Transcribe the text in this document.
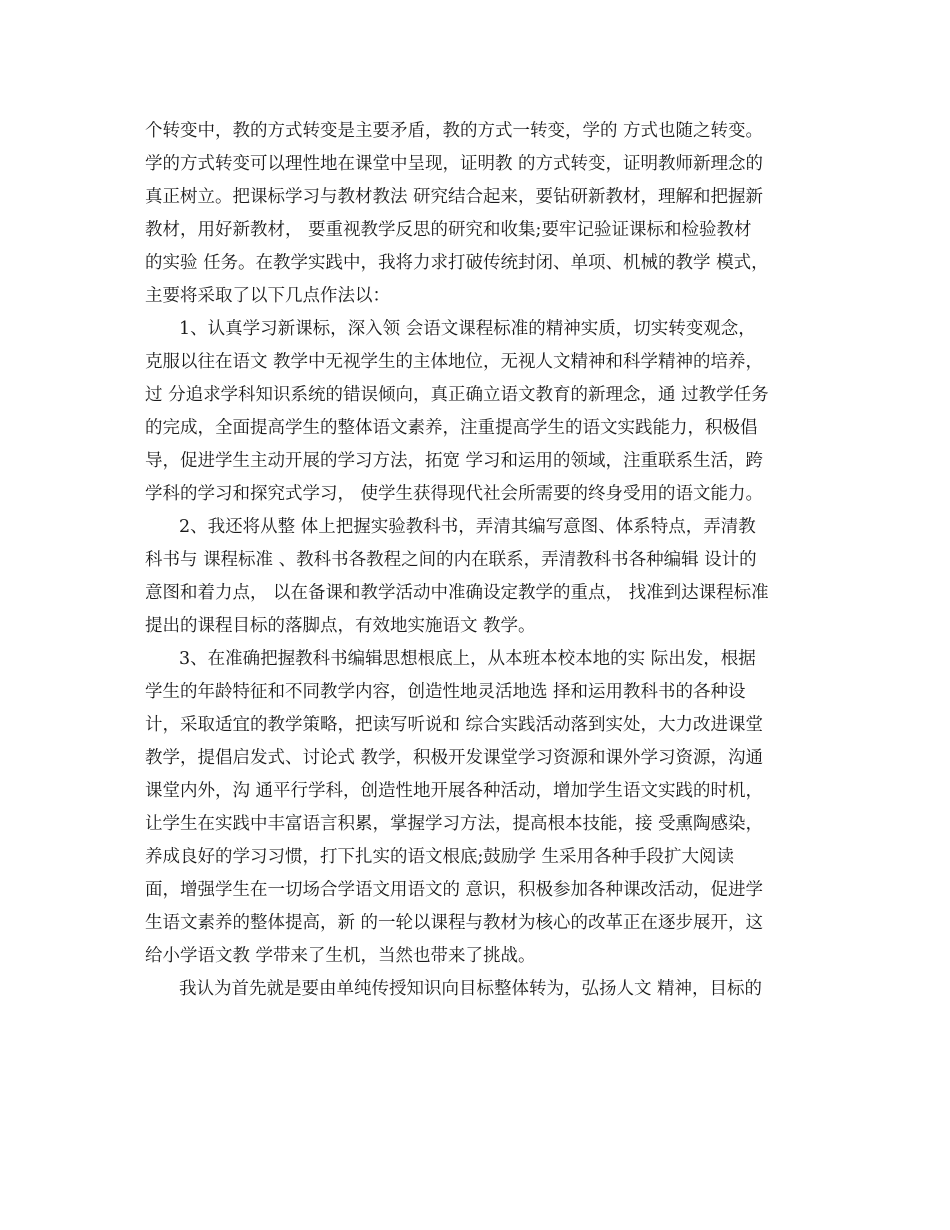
个转变中，教的方式转变是主要矛盾，教的方式一转变，学的 方式也随之转变。
学的方式转变可以理性地在课堂中呈现，证明教 的方式转变，证明教师新理念的
真正树立。把课标学习与教材教法 研究结合起来，要钻研新教材，理解和把握新
教材，用好新教材， 要重视教学反思的研究和收集;要牢记验证课标和检验教材
的实验 任务。在教学实践中，我将力求打破传统封闭、单项、机械的教学 模式，
主要将采取了以下几点作法以：
1、认真学习新课标，深入领 会语文课程标准的精神实质，切实转变观念，
克服以往在语文 教学中无视学生的主体地位，无视人文精神和科学精神的培养，
过 分追求学科知识系统的错误倾向，真正确立语文教育的新理念，通 过教学任务
的完成，全面提高学生的整体语文素养，注重提高学生的语文实践能力，积极倡
导，促进学生主动开展的学习方法，拓宽 学习和运用的领域，注重联系生活，跨
学科的学习和探究式学习， 使学生获得现代社会所需要的终身受用的语文能力。
2、我还将从整 体上把握实验教科书，弄清其编写意图、体系特点，弄清教
科书与 课程标准 、教科书各教程之间的内在联系，弄清教科书各种编辑 设计的
意图和着力点， 以在备课和教学活动中准确设定教学的重点， 找准到达课程标准
提出的课程目标的落脚点，有效地实施语文 教学。
3、在准确把握教科书编辑思想根底上，从本班本校本地的实 际出发，根据
学生的年龄特征和不同教学内容，创造性地灵活地选 择和运用教科书的各种设
计，采取适宜的教学策略，把读写听说和 综合实践活动落到实处，大力改进课堂
教学，提倡启发式、讨论式 教学，积极开发课堂学习资源和课外学习资源，沟通
课堂内外，沟 通平行学科，创造性地开展各种活动，增加学生语文实践的时机，
让学生在实践中丰富语言积累，掌握学习方法，提高根本技能，接 受熏陶感染，
养成良好的学习习惯，打下扎实的语文根底;鼓励学 生采用各种手段扩大阅读
面，增强学生在一切场合学语文用语文的 意识，积极参加各种课改活动，促进学
生语文素养的整体提高，新 的一轮以课程与教材为核心的改革正在逐步展开，这
给小学语文教 学带来了生机，当然也带来了挑战。
我认为首先就是要由单纯传授知识向目标整体转为，弘扬人文 精神，目标的
